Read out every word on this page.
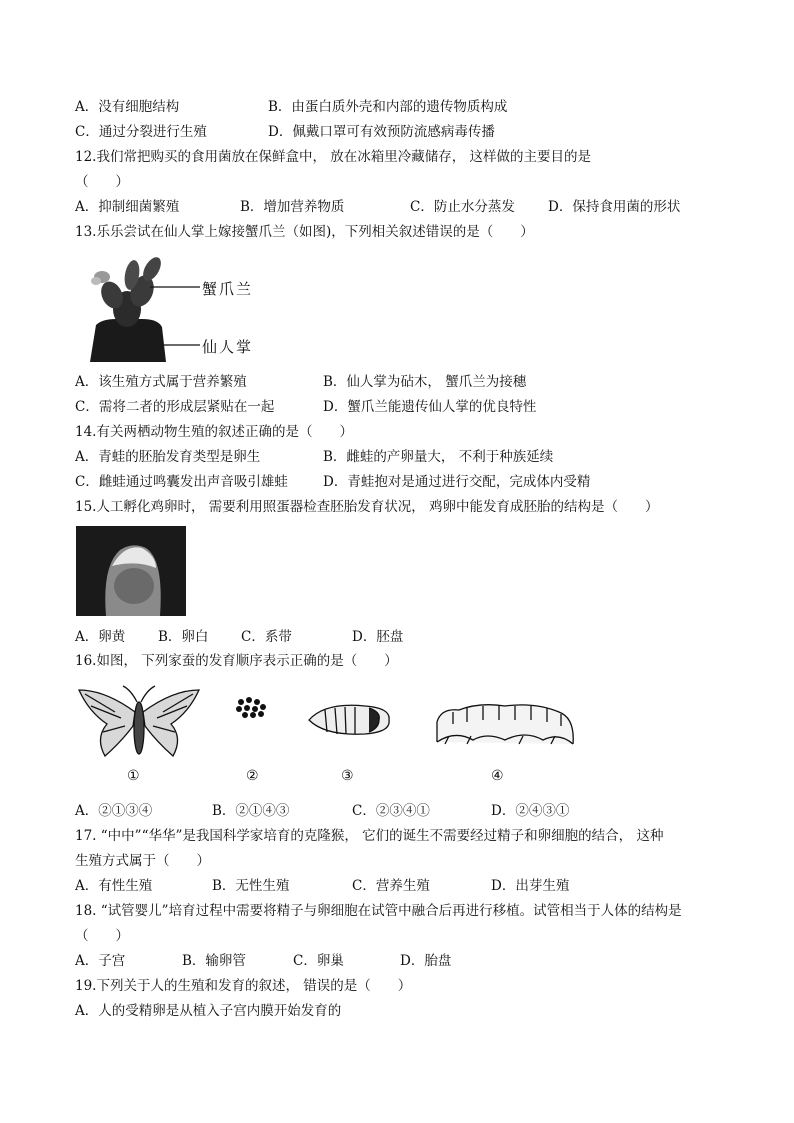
A．没有细胞结构	B．由蛋白质外壳和内部的遗传物质构成
C．通过分裂进行生殖	D．佩戴口罩可有效预防流感病毒传播
12.我们常把购买的食用菌放在保鲜盒中， 放在冰箱里冷藏储存， 这样做的主要目的是
（　　）
A．抑制细菌繁殖	B．增加营养物质	C．防止水分蒸发 D．保持食用菌的形状
13.乐乐尝试在仙人掌上嫁接蟹爪兰（如图)，下列相关叙述错误的是（　　）
蟹爪兰
仙人掌
A．该生殖方式属于营养繁殖	B．仙人掌为砧木， 蟹爪兰为接穗
C．需将二者的形成层紧贴在一起	D．蟹爪兰能遗传仙人掌的优良特性
14.有关两栖动物生殖的叙述正确的是（　　）
A．青蛙的胚胎发育类型是卵生	B．雌蛙的产卵量大， 不利于种族延续
C．雌蛙通过鸣囊发出声音吸引雄蛙	D．青蛙抱对是通过进行交配，完成体内受精
15.人工孵化鸡卵时， 需要利用照蛋器检查胚胎发育状况， 鸡卵中能发育成胚胎的结构是（　　）
A．卵黄 B．卵白 C．系带	D．胚盘
16.如图， 下列家蚕的发育顺序表示正确的是（　　）
①	②	③	④
A．②①③④	B．②①④③	C．②③④①	D．②④③①
17. “中中”“华华”是我国科学家培育的克隆猴， 它们的诞生不需要经过精子和卵细胞的结合， 这种
生殖方式属于（　　）
A．有性生殖	B．无性生殖	C．营养生殖	D．出芽生殖
18. “试管婴儿”培育过程中需要将精子与卵细胞在试管中融合后再进行移植。试管相当于人体的结构是
（　　）
A．子宫	B．输卵管	C．卵巢	D．胎盘
19.下列关于人的生殖和发育的叙述， 错误的是（　　）
A．人的受精卵是从植入子宫内膜开始发育的
